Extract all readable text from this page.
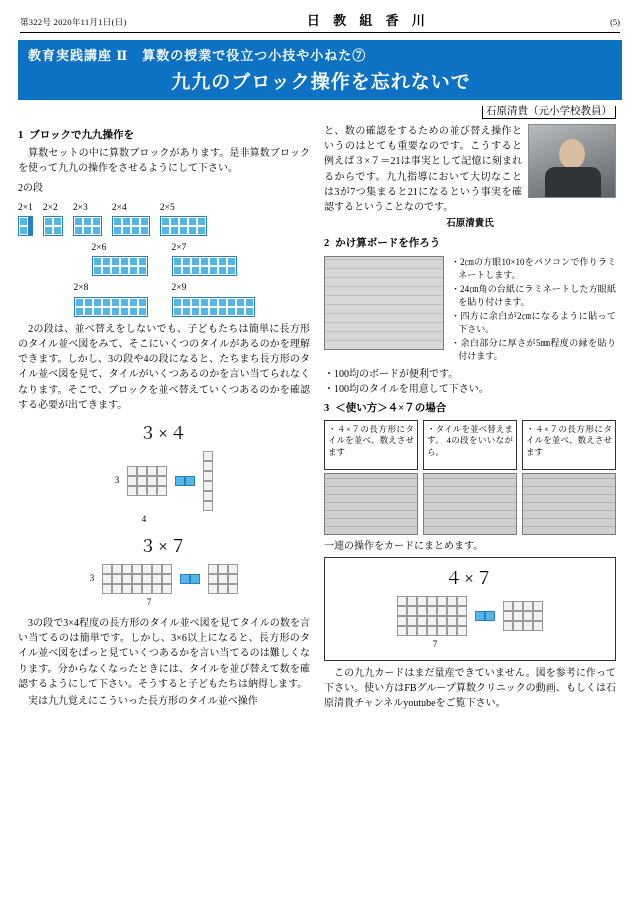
第322号 2020年11月1日(日)	日 教 組 香 川	(5)
教育実践講座 Ⅱ　算数の授業で役立つ小技や小ねた⑦
九九のブロック操作を忘れないで
石原清貴（元小学校教員）
1 ブロックで九九操作を

　算数セットの中に算数ブロックがあります。是非算数ブロックを使って九九の操作をさせるようにして下さい。

2の段
2×1 2×2	2×3	2×4	2×5
2×6	2×7
2×8	2×9

　2の段は、並べ替えをしないでも、子どもたちは簡単に長方形のタイル並べ図をみて、そこにいくつのタイルがあるのかを理解できます。しかし、3の段や4の段になると、たちまち長方形のタイル並べ図を見て、タイルがいくつあるのかを言い当てられなくなります。そこで、ブロックを並べ替えていくつあるのかを確認する必要が出てきます。

３×４
3
4
３×７
3
7

　3の段で3×4程度の長方形のタイル並べ図を見てタイルの数を言い当てるのは簡単です。しかし、3×6以上になると、長方形のタイル並べ図をぱっと見ていくつあるかを言い当てるのは難しくなります。分からなくなったときには、タイルを並び替えて数を確認するようにして下さい。そうすると子どもたちは納得します。

　実は九九覚えにこういった長方形のタイル並べ操作

と、数の確認をするための並び替え操作というのはとても重要なのです。こうすると例えば３×７＝21は事実として記憶に刻まれるからです。九九指導において大切なことは3が7つ集まると21になるという事実を確認するということなのです。

石原清貴氏
2 かけ算ボードを作ろう
・2㎝の方眼10×10をパソコンで作りラミネートします。
・24㎝角の台紙にラミネートした方眼紙を貼り付けます。
・四方に余白が2㎝になるように貼って下さい。
・余白部分に厚さが5㎜程度の縁を貼り付けます。
・100均のボードが便利です。
・100均のタイルを用意して下さい。
3 ＜使い方＞４×７の場合
・４×７の長方形にタイルを並べ、数えさせます
・タイルを並べ替えます。 4の段をいいながら。
・４×７の長方形にタイルを並べ、数えさせます

一連の操作をカードにまとめます。

４×７
7
　この九九カードはまだ量産できていません。図を参考に作って下さい。使い方はFBグループ算数クリニックの動画、もしくは石原清貴チャンネルyoutubeをご覧下さい。
